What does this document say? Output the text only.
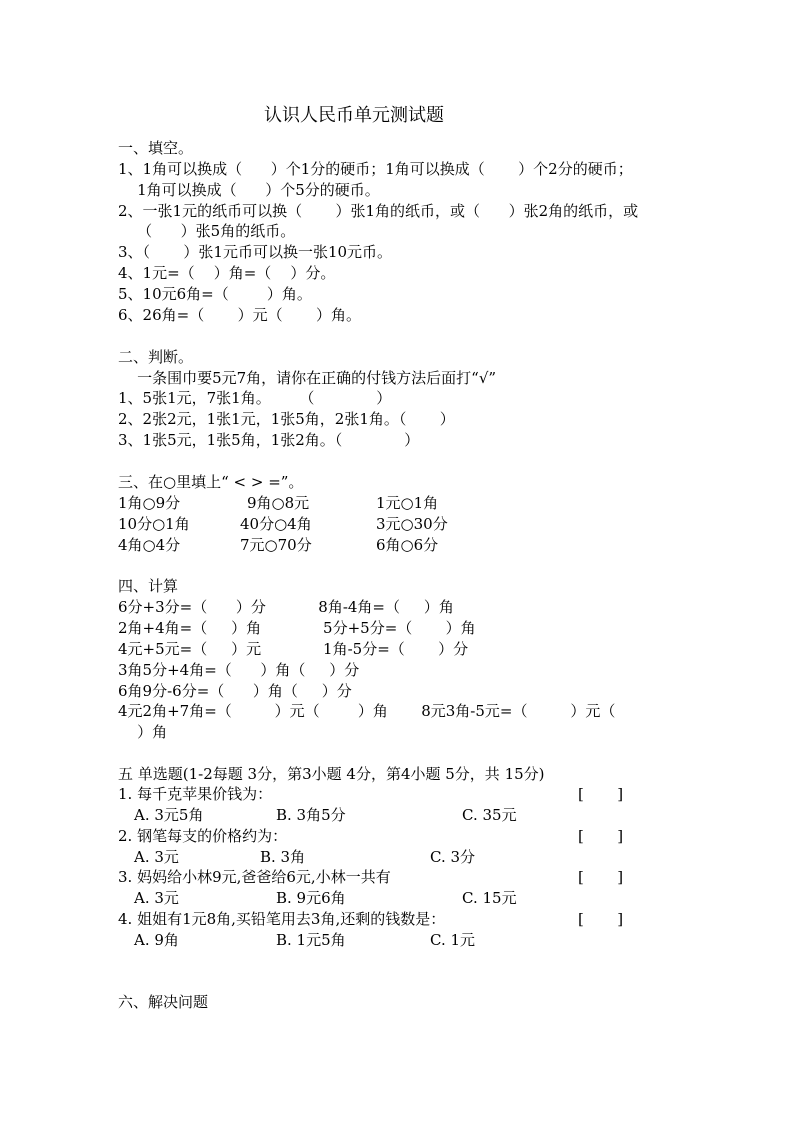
认识人民币单元测试题
一、填空。
1、1角可以换成（      ）个1分的硬币；1角可以换成（       ）个2分的硬币；
1角可以换成（      ）个5分的硬币。
2、一张1元的纸币可以换（       ）张1角的纸币，或（      ）张2角的纸币，或
（      ）张5角的纸币。
3、（       ）张1元币可以换一张10元币。
4、1元=（    ）角=（    ）分。
5、10元6角=（        ）角。
6、26角=（       ）元（       ）角。
二、判断。
一条围巾要5元7角，请你在正确的付钱方法后面打“√”
1、5张1元，7张1角。      （             ）
2、2张2元，1张1元，1张5角，2张1角。（       ）
3、1张5元，1张5角，1张2角。（             ）
三、在○里填上“ < > =”。
1角○9分	9角○8元	1元○1角
10分○1角	40分○4角	3元○30分
4角○4分	7元○70分	6角○6分
四、计算
6分+3分=（      ）分           8角-4角=（     ）角
2角+4角=（     ）角             5分+5分=（       ）角
4元+5元=（     ）元             1角-5分=（       ）分
3角5分+4角=（      ）角（     ）分
6角9分-6分=（      ）角（     ）分
4元2角+7角=（         ）元（        ）角       8元3角-5元=（         ）元（
）角
五 单选题(1-2每题 3分，第3小题 4分，第4小题 5分，共 15分)
1. 每千克苹果价钱为：	[       ]
A. 3元5角	B. 3角5分	C. 35元
2. 钢笔每支的价格约为：	[       ]
A. 3元	B. 3角	C. 3分
3. 妈妈给小林9元,爸爸给6元,小林一共有	[       ]
A. 3元	B. 9元6角	C. 15元
4. 姐姐有1元8角,买铅笔用去3角,还剩的钱数是：	[       ]
A. 9角	B. 1元5角	C. 1元
六、解决问题
